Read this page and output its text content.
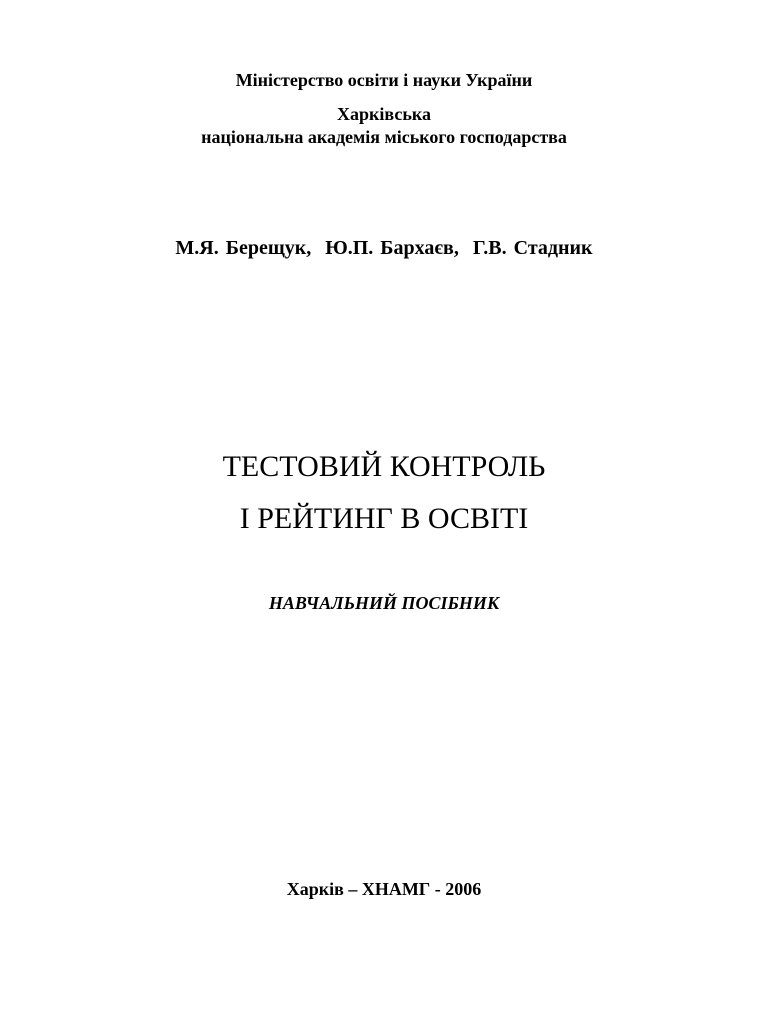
Міністерство освіти і науки України
Харківська
національна академія міського господарства
М.Я. Берещук,  Ю.П. Бархаєв,  Г.В. Стадник
ТЕСТОВИЙ КОНТРОЛЬ
І РЕЙТИНГ В ОСВІТІ
НАВЧАЛЬНИЙ ПОСІБНИК
Харків – ХНАМГ - 2006
